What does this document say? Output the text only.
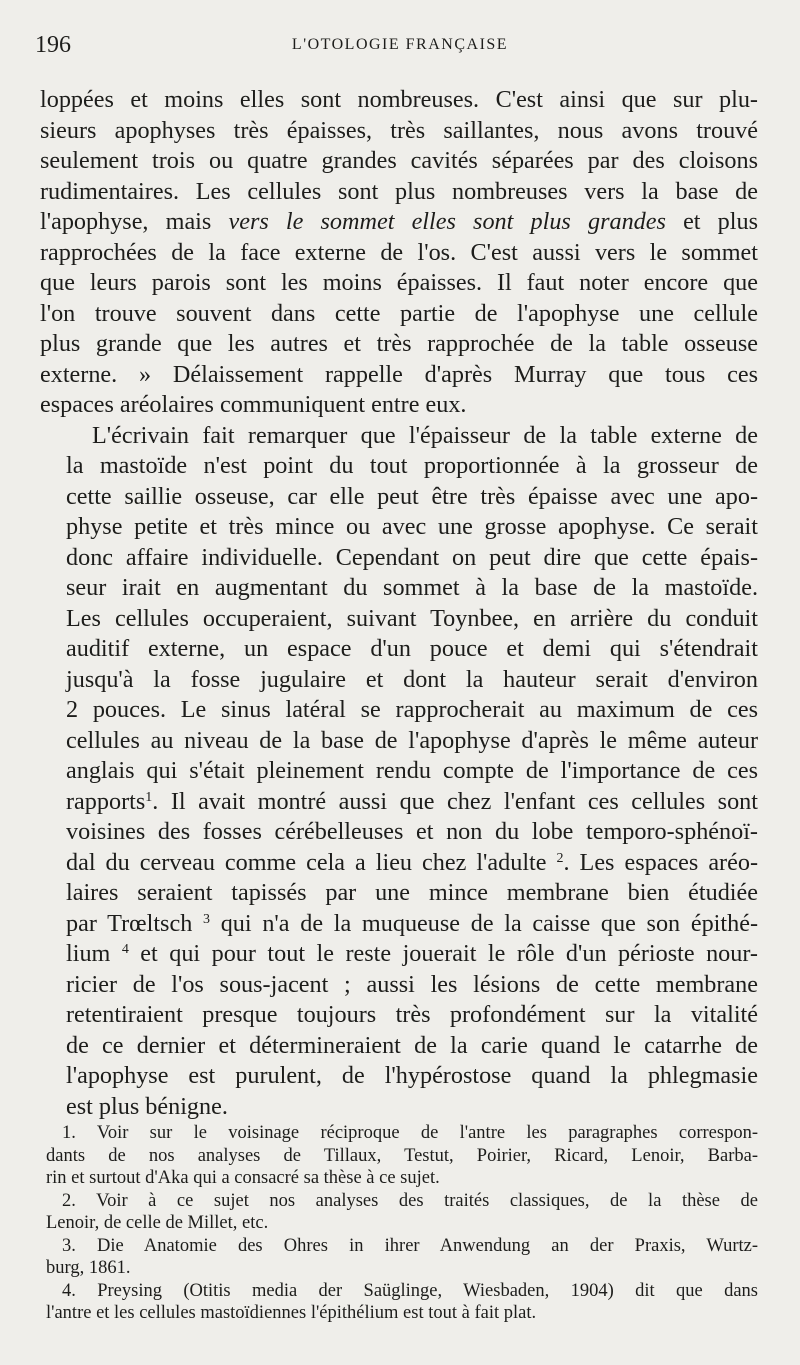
196	L'OTOLOGIE FRANÇAISE

loppées et moins elles sont nombreuses. C'est ainsi que sur plu-
sieurs apophyses très épaisses, très saillantes, nous avons trouvé
seulement trois ou quatre grandes cavités séparées par des cloisons
rudimentaires. Les cellules sont plus nombreuses vers la base de
l'apophyse, mais vers le sommet elles sont plus grandes et plus
rapprochées de la face externe de l'os. C'est aussi vers le sommet
que leurs parois sont les moins épaisses. Il faut noter encore que
l'on trouve souvent dans cette partie de l'apophyse une cellule
plus grande que les autres et très rapprochée de la table osseuse
externe. » Délaissement rappelle d'après Murray que tous ces
espaces aréolaires communiquent entre eux.

L'écrivain fait remarquer que l'épaisseur de la table externe de
la mastoïde n'est point du tout proportionnée à la grosseur de
cette saillie osseuse, car elle peut être très épaisse avec une apo-
physe petite et très mince ou avec une grosse apophyse. Ce serait
donc affaire individuelle. Cependant on peut dire que cette épais-
seur irait en augmentant du sommet à la base de la mastoïde.
Les cellules occuperaient, suivant Toynbee, en arrière du conduit
auditif externe, un espace d'un pouce et demi qui s'étendrait
jusqu'à la fosse jugulaire et dont la hauteur serait d'environ
2 pouces. Le sinus latéral se rapprocherait au maximum de ces
cellules au niveau de la base de l'apophyse d'après le même auteur
anglais qui s'était pleinement rendu compte de l'importance de ces
rapports$^1$. Il avait montré aussi que chez l'enfant ces cellules sont
voisines des fosses cérébelleuses et non du lobe temporo-sphénoï-
dal du cerveau comme cela a lieu chez l'adulte $^2$. Les espaces aréo-
laires seraient tapissés par une mince membrane bien étudiée
par Trœltsch $^3$ qui n'a de la muqueuse de la caisse que son épithé-
lium $^4$ et qui pour tout le reste jouerait le rôle d'un périoste nour-
ricier de l'os sous-jacent ; aussi les lésions de cette membrane
retentiraient presque toujours très profondément sur la vitalité
de ce dernier et détermineraient de la carie quand le catarrhe de
l'apophyse est purulent, de l'hypérostose quand la phlegmasie
est plus bénigne.

1. Voir sur le voisinage réciproque de l'antre les paragraphes correspon-
dants de nos analyses de Tillaux, Testut, Poirier, Ricard, Lenoir, Barba-
rin et surtout d'Aka qui a consacré sa thèse à ce sujet.
2. Voir à ce sujet nos analyses des traités classiques, de la thèse de
Lenoir, de celle de Millet, etc.
3. Die Anatomie des Ohres in ihrer Anwendung an der Praxis, Wurtz-
burg, 1861.
4. Preysing (Otitis media der Saüglinge, Wiesbaden, 1904) dit que dans
l'antre et les cellules mastoïdiennes l'épithélium est tout à fait plat.
